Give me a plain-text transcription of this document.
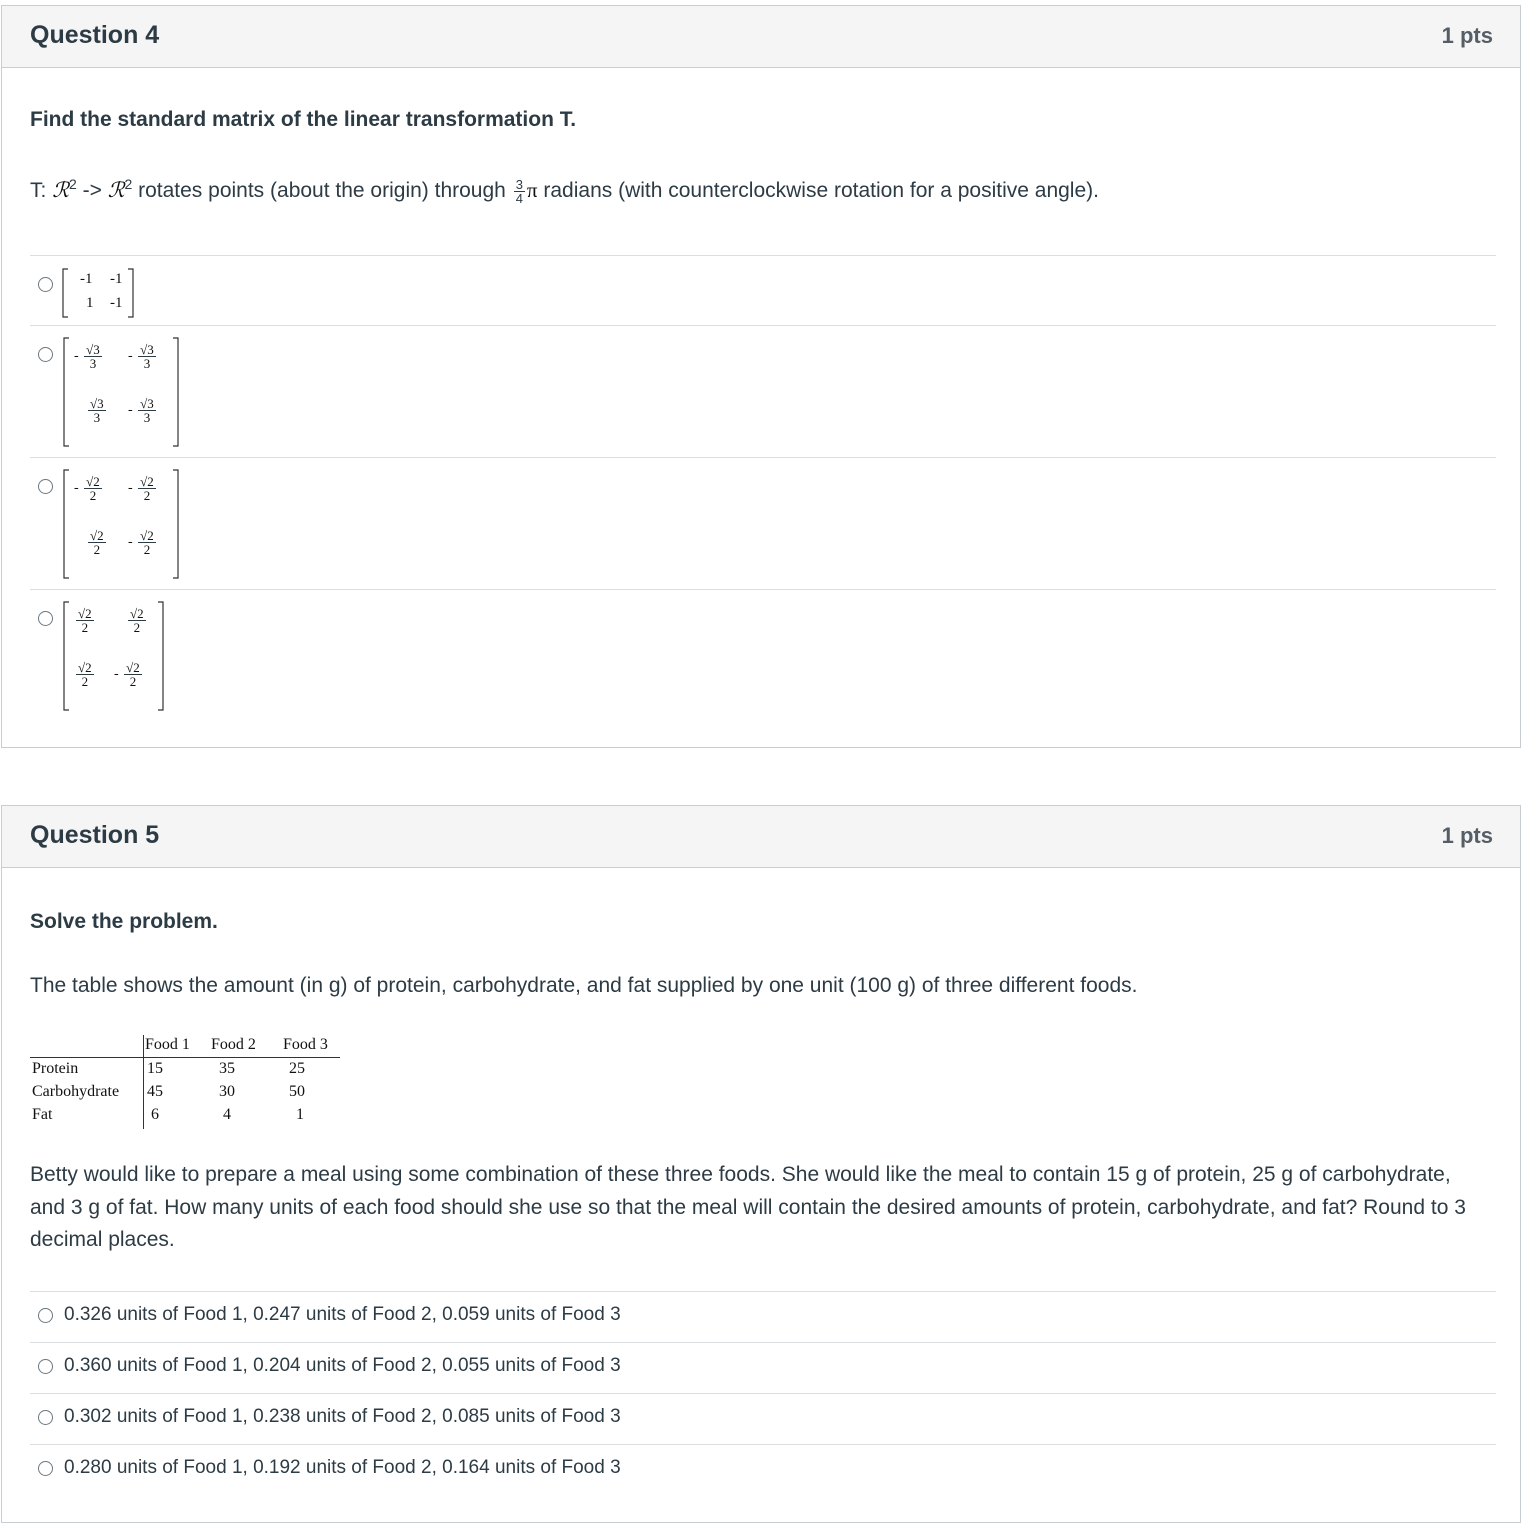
Question 4	1 pts
Find the standard matrix of the linear transformation T.
T: ℛ$^2$ -> ℛ$^2$ rotates points (about the origin) through $\frac{3}{4}$ π radians (with counterclockwise rotation for a positive angle).
-1 -1
1 -1
- $\frac{√3}{3} - \frac{√3}{3}$
$\frac{√3}{3} - \frac{√3}{3}$
- $\frac{√2}{2} - \frac{√2}{2}$
$\frac{√2}{2} - \frac{√2}{2}$
$\frac{√2}{2}$	$\frac{√2}{2}$
$\frac{√2}{2} - \frac{√2}{2}$
Question 5	1 pts
Solve the problem.
The table shows the amount (in g) of protein, carbohydrate, and fat supplied by one unit (100 g) of three different foods.
Food 1 Food 2 Food 3
Protein	15	35	25
Carbohydrate 45	30	50
Fat	6	4	1
Betty would like to prepare a meal using some combination of these three foods. She would like the meal to contain 15 g of protein, 25 g of carbohydrate,
and 3 g of fat. How many units of each food should she use so that the meal will contain the desired amounts of protein, carbohydrate, and fat? Round to 3
decimal places.
0.326 units of Food 1, 0.247 units of Food 2, 0.059 units of Food 3
0.360 units of Food 1, 0.204 units of Food 2, 0.055 units of Food 3
0.302 units of Food 1, 0.238 units of Food 2, 0.085 units of Food 3
0.280 units of Food 1, 0.192 units of Food 2, 0.164 units of Food 3
